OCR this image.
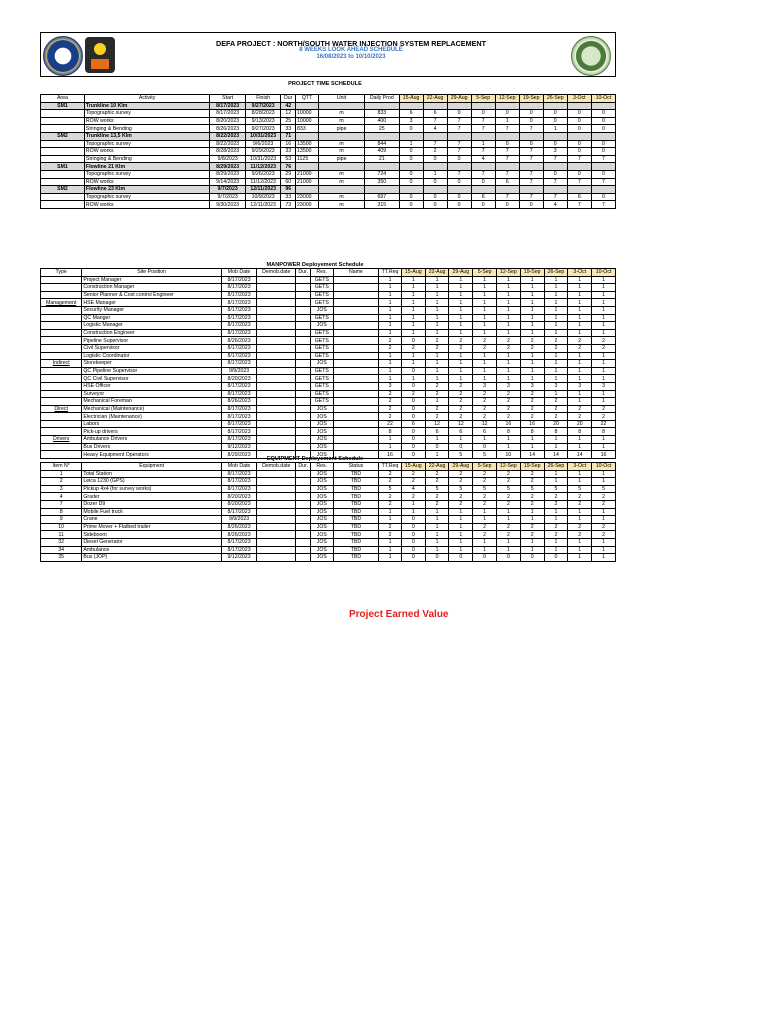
DEFA PROJECT : NORTH/SOUTH WATER INJECTION SYSTEM REPLACEMENT
8 WEEKS LOOK AHEAD SCHEDULE
16/08/2023 to 10/10/2023
PROJECT TIME SCHEDULE
Area	Activity	Start	Finish	Dur	QTT	Unit	Daily Prod	15-Aug	22-Aug	29-Aug	5-Sep	12-Sep	19-Sep	26-Sep	3-Oct	10-Oct
SM1	Trunkline 10 Klm	8/17/2023	9/27/2023	42												
	Topographic survey	8/17/2023	8/28/2023	12	10000	m	833	6	6	0	0	0	0	0	0	0
	ROW works	8/20/2023	9/13/2023	25	10000	m	400	3	7	7	7	1	0	0	0	0
	Stringing & Bending	8/26/2023	9/27/2023	33	833	pipe	25	0	4	7	7	7	7	1	0	0
SM2	Trunkline 13,5 Klm	8/22/2023	10/31/2023	71												
	Topographic survey	8/22/2023	9/6/2023	16	13500	m	844	1	7	7	1	0	0	0	0	0
	ROW works	8/28/2023	9/29/2023	33	13500	m	409	0	2	7	7	7	7	3	0	0
	Stringing & Bending	9/8/2023	10/31/2023	53	1125	pipe	21	0	0	0	4	7	7	7	7	7
SM1	Flowline 21 Klm	8/29/2023	11/12/2023	76												
	Topographic survey	8/29/2023	9/26/2023	29	21000	m	724	0	1	7	7	7	7	0	0	0
	ROW works	9/14/2023	11/12/2023	60	21000	m	350	0	0	0	0	6	7	7	7	7
SM2	Flowline 23 Klm	9/7/2023	12/11/2023	96												
	Topographic survey	9/7/2023	10/9/2023	33	23000	m	697	0	0	0	6	7	7	7	6	0
	ROW works	9/30/2023	12/11/2023	73	23000	m	315	0	0	0	0	0	0	4	7	7
MANPOWER Deployement Schedule
Type	Site Position	Mob Date	Demob.date	Dur.	Res.	Name	TT.Req	15-Aug	22-Aug	29-Aug	5-Sep	12-Sep	19-Sep	26-Sep	3-Oct	10-Oct
	Project Manager	8/17/2023			GETS		1	1	1	1	1	1	1	1	1	1
	Construction Manager	8/17/2023			GETS		1	1	1	1	1	1	1	1	1	1
	Senior Planner & Cost control Engineer	8/17/2023			GETS		1	1	1	1	1	1	1	1	1	1
Management	HSE Manager	8/17/2023			GETS		1	1	1	1	1	1	1	1	1	1
	Security Manager	8/17/2023			JOS		1	1	1	1	1	1	1	1	1	1
	QC Manger	8/17/2023			GETS		1	1	1	1	1	1	1	1	1	1
	Logistic Manager	8/17/2023			JOS		1	1	1	1	1	1	1	1	1	1
	Construction Engineer	8/17/2023			GETS		1	1	1	1	1	1	1	1	1	1
	Pipeline Supervisor	8/26/2023			GETS		2	0	2	2	2	2	2	2	2	2
	Civil Supervisor	8/17/2023			GETS		2	2	2	2	2	2	2	2	2	2
	Logistic Coordinator	8/17/2023			GETS		1	1	1	1	1	1	1	1	1	1
Indirect	Storekeeper	8/17/2023			JOS		1	1	1	1	1	1	1	1	1	1
	QC Pipeline Supervisor	9/9/2023			GETS		1	0	1	1	1	1	1	1	1	1
	QC Civil Supervisor	8/20/2023			GETS		1	1	1	1	1	1	1	1	1	1
	HSE Officer	8/17/2023			GETS		3	0	2	2	3	3	3	3	3	3
	Surveyor	8/17/2023			GETS		2	2	2	2	2	2	2	1	1	1
	Mechanical Foreman	8/26/2023			GETS		2	0	1	2	2	2	2	2	1	1
Direct	Mechanical (Maintenance)	8/17/2023			JOS		2	0	2	2	2	2	2	2	2	2
	Electrician (Maintenance)	8/17/2023			JOS		2	0	2	2	2	2	2	2	2	2
	Labors	8/17/2023			JOS		22	6	12	12	12	16	16	20	20	22
	Pick-up drivers	8/17/2023			JOS		8	0	6	6	6	8	8	8	8	8
Drivers	Ambulance Drivers	8/17/2023			JOS		1	0	1	1	1	1	1	1	1	1
	Bus Drivers	9/12/2023			JOS		1	0	0	0	0	1	1	1	1	1
	Heavy Equipment Operators	8/29/2023			JOS		16	0	1	5	5	10	14	14	14	16
EQUIPMENT Deployement Schedule
Item N°	Equipment	Mob Date	Demob.date	Dur.	Res.	Status	TT.Req	15-Aug	22-Aug	29-Aug	5-Sep	12-Sep	19-Sep	26-Sep	3-Oct	10-Oct
1	Total Station	8/17/2023			JOS	TBD	2	2	2	2	2	2	2	1	1	1
2	Leica 1230 (GPS)	8/17/2023			JOS	TBD	2	2	2	2	2	2	2	1	1	1
3	Pickup 4x4 (for survey works)	8/17/2023			JOS	TBD	5	4	5	5	5	5	5	5	5	5
4	Grader	8/20/2023			JOS	TBD	2	2	2	2	2	2	2	2	2	2
7	Dozer D9	8/20/2023			JOS	TBD	2	1	2	2	2	2	2	2	2	2
8	Mobile Fuel truck	8/17/2023			JOS	TBD	1	1	1	1	1	1	1	1	1	1
9	Crane	9/9/2023			JOS	TBD	1	0	1	1	1	1	1	1	1	1
10	Prime Mover + Flatbed trailer	8/26/2023			JOS	TBD	2	0	1	1	2	2	2	2	2	2
11	Sideboom	8/26/2023			JOS	TBD	2	0	1	1	2	2	2	2	2	2
32	Diesel Generator	8/17/2023			JOS	TBD	1	0	1	1	1	1	1	1	1	1
34	Ambulance	8/17/2023			JOS	TBD	1	0	1	1	1	1	1	1	1	1
35	Bus (JOP)	9/12/2023			JOS	TBD	1	0	0	0	0	0	0	0	1	1
Project Earned Value
